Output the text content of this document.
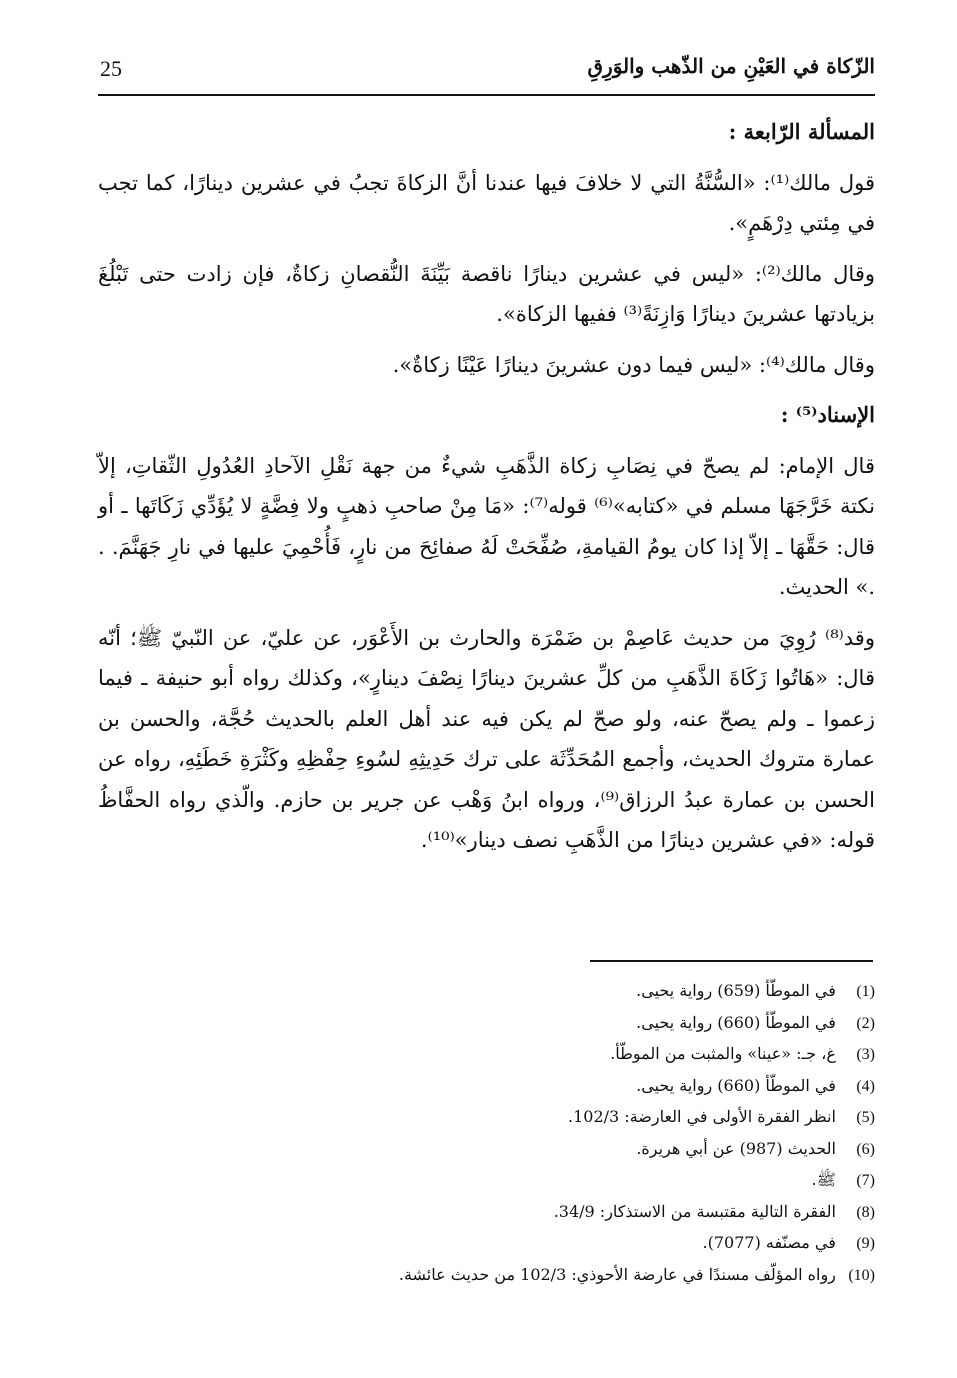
25	الزّكاة في العَيْنِ من الذّهب والوَرِقِ

المسألة الرّابعة :

قول مالك⁽¹⁾: «السُّنَّةُ التي لا خلافَ فيها عندنا أنَّ الزكاةَ تجبُ في عشرين دينارًا، كما تجب في مِئتي دِرْهَمٍ».

وقال مالك⁽²⁾: «ليس في عشرين دينارًا ناقصة بَيِّنَةَ النُّقصانِ زكاةٌ، فإن زادت حتى تَبْلُغَ بزيادتها عشرينَ دينارًا وَازِنَةً⁽³⁾ ففيها الزكاة».

وقال مالك⁽⁴⁾: «ليس فيما دون عشرينَ دينارًا عَيْنًا زكاةٌ».

الإسناد⁽⁵⁾ :

قال الإمام: لم يصحّ في نِصَابِ زكاة الذَّهَبِ شيءٌ من جهة نَقْلِ الآحادِ العُدُولِ الثّقاتِ، إلاّ نكتة خَرَّجَهَا مسلم في «كتابه»⁽⁶⁾ قوله⁽⁷⁾: «مَا مِنْ صاحبِ ذهبٍ ولا فِضَّةٍ لا يُؤَدِّي زَكَاتَها ـ أو قال: حَقَّهَا ـ إلاّ إذا كان يومُ القيامةِ، صُفِّحَتْ لَهُ صفائِحَ من نارٍ، فَأُحْمِيَ عليها في نارِ جَهَنَّمَ. . .» الحديث.

وقد⁽⁸⁾ رُوِيَ من حديث عَاصِمْ بن ضَمْرَة والحارث بن الأَعْوَر، عن عليّ، عن النّبيّ ﷺ؛ أنّه قال: «هَاتُوا زَكَاةَ الذَّهَبِ من كلِّ عشرينَ دينارًا نِصْفَ دينارٍ»، وكذلك رواه أبو حنيفة ـ فيما زعموا ـ ولم يصحّ عنه، ولو صحّ لم يكن فيه عند أهل العلم بالحديث حُجَّة، والحسن بن عمارة متروك الحديث، وأجمع المُحَدِّثَة على ترك حَدِيثِهِ لسُوءِ حِفْظِهِ وكَثْرَةِ خَطَئِهِ، رواه عن الحسن بن عمارة عبدُ الرزاق⁽⁹⁾، ورواه ابنُ وَهْب عن جرير بن حازم. والّذي رواه الحفَّاظُ قوله: «في عشرين دينارًا من الذَّهَبِ نصف دينار»⁽¹⁰⁾.

(1) في الموطّأ (659) رواية يحيى.
(2) في الموطّأ (660) رواية يحيى.
(3) غ، جـ: «عينا» والمثبت من الموطّأ.
(4) في الموطّأ (660) رواية يحيى.
(5) انظر الفقرة الأولى في العارضة: 102/3.
(6) الحديث (987) عن أبي هريرة.
(7) ﷺ.
(8) الفقرة التالية مقتبسة من الاستذكار: 34/9.
(9) في مصنّفه (7077).
(10) رواه المؤلّف مسندًا في عارضة الأحوذي: 102/3 من حديث عائشة.
